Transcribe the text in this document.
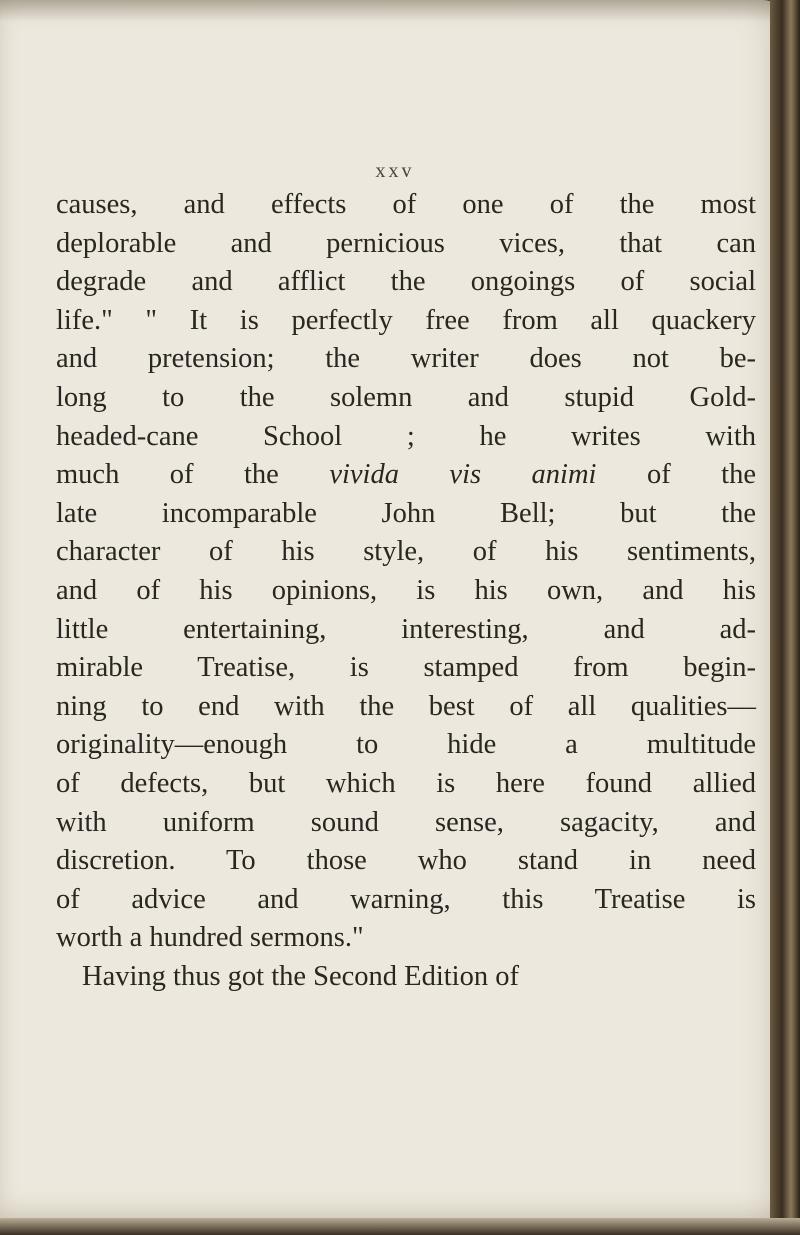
xxv
causes, and effects of one of the most
deplorable and pernicious vices, that can
degrade and afflict the ongoings of social
life." " It is perfectly free from all quackery
and pretension; the writer does not be-
long to the solemn and stupid Gold-
headed-cane School ; he writes with
much of the vivida vis animi of the
late incomparable John Bell; but the
character of his style, of his sentiments,
and of his opinions, is his own, and his
little entertaining, interesting, and ad-
mirable Treatise, is stamped from begin-
ning to end with the best of all qualities—
originality—enough to hide a multitude
of defects, but which is here found allied
with uniform sound sense, sagacity, and
discretion. To those who stand in need
of advice and warning, this Treatise is
worth a hundred sermons."
Having thus got the Second Edition of
